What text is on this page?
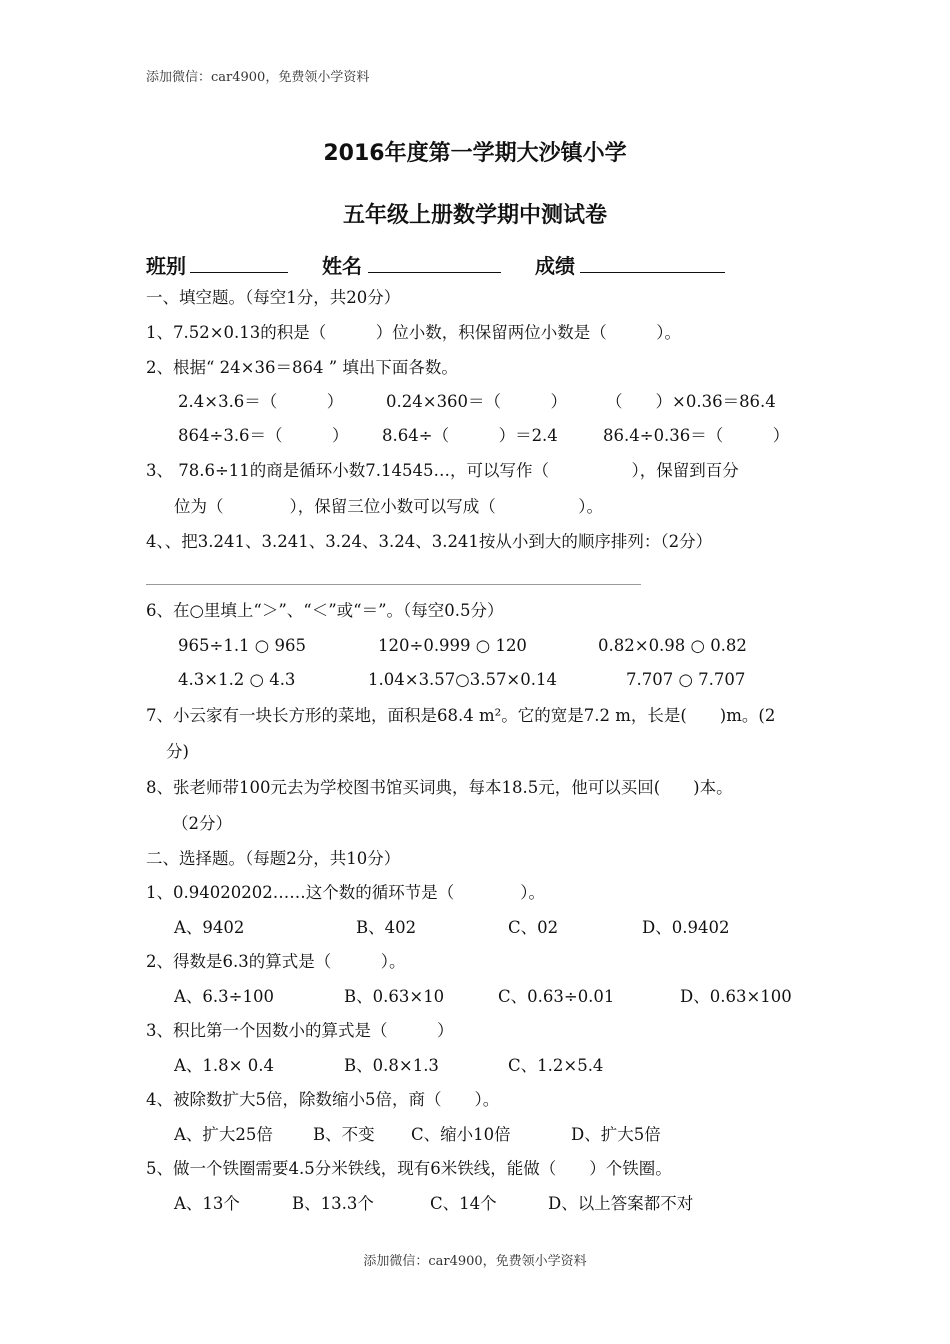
添加微信：car4900，免费领小学资料
2016年度第一学期大沙镇小学
五年级上册数学期中测试卷
班别	姓名	成绩
一、填空题。（每空1分，共20分）
1、7.52×0.13的积是（　　　）位小数，积保留两位小数是（　　　）。
2、根据“ 24×36＝864 ” 填出下面各数。
2.4×3.6＝（　　　）	0.24×360＝（　　　） （　　）×0.36＝86.4
864÷3.6＝（　　　） 8.64÷（　　　）＝2.4	86.4÷0.36＝（　　　）
3、 78.6÷11的商是循环小数7.14545…，可以写作（　　　　　），保留到百分
位为（　　　　），保留三位小数可以写成（　　　　　）。
4、、把3.241、3.241、3.24、3.24、3.241按从小到大的顺序排列：（2分）
6、在○里填上“＞”、“＜”或“＝”。（每空0.5分）
965÷1.1 ○ 965	120÷0.999 ○ 120	0.82×0.98 ○ 0.82
4.3×1.2 ○ 4.3	1.04×3.57○3.57×0.14	7.707 ○ 7.707
7、小云家有一块长方形的菜地，面积是68.4 m²。它的宽是7.2 m，长是(　　)m。(2
分)
8、张老师带100元去为学校图书馆买词典，每本18.5元，他可以买回(　　)本。
（2分）
二、选择题。（每题2分，共10分）
1、0.94020202……这个数的循环节是（　　　　）。
A、9402	B、402	C、02	D、0.9402
2、得数是6.3的算式是（　　　）。
A、6.3÷100	B、0.63×10	C、0.63÷0.01	D、0.63×100
3、积比第一个因数小的算式是（　　　）
A、1.8× 0.4	B、0.8×1.3	C、1.2×5.4
4、被除数扩大5倍，除数缩小5倍，商（　　）。
A、扩大25倍 B、不变 C、缩小10倍	D、扩大5倍
5、做一个铁圈需要4.5分米铁线，现有6米铁线，能做（　　）个铁圈。
A、13个	B、13.3个	C、14个	D、以上答案都不对
添加微信：car4900，免费领小学资料
